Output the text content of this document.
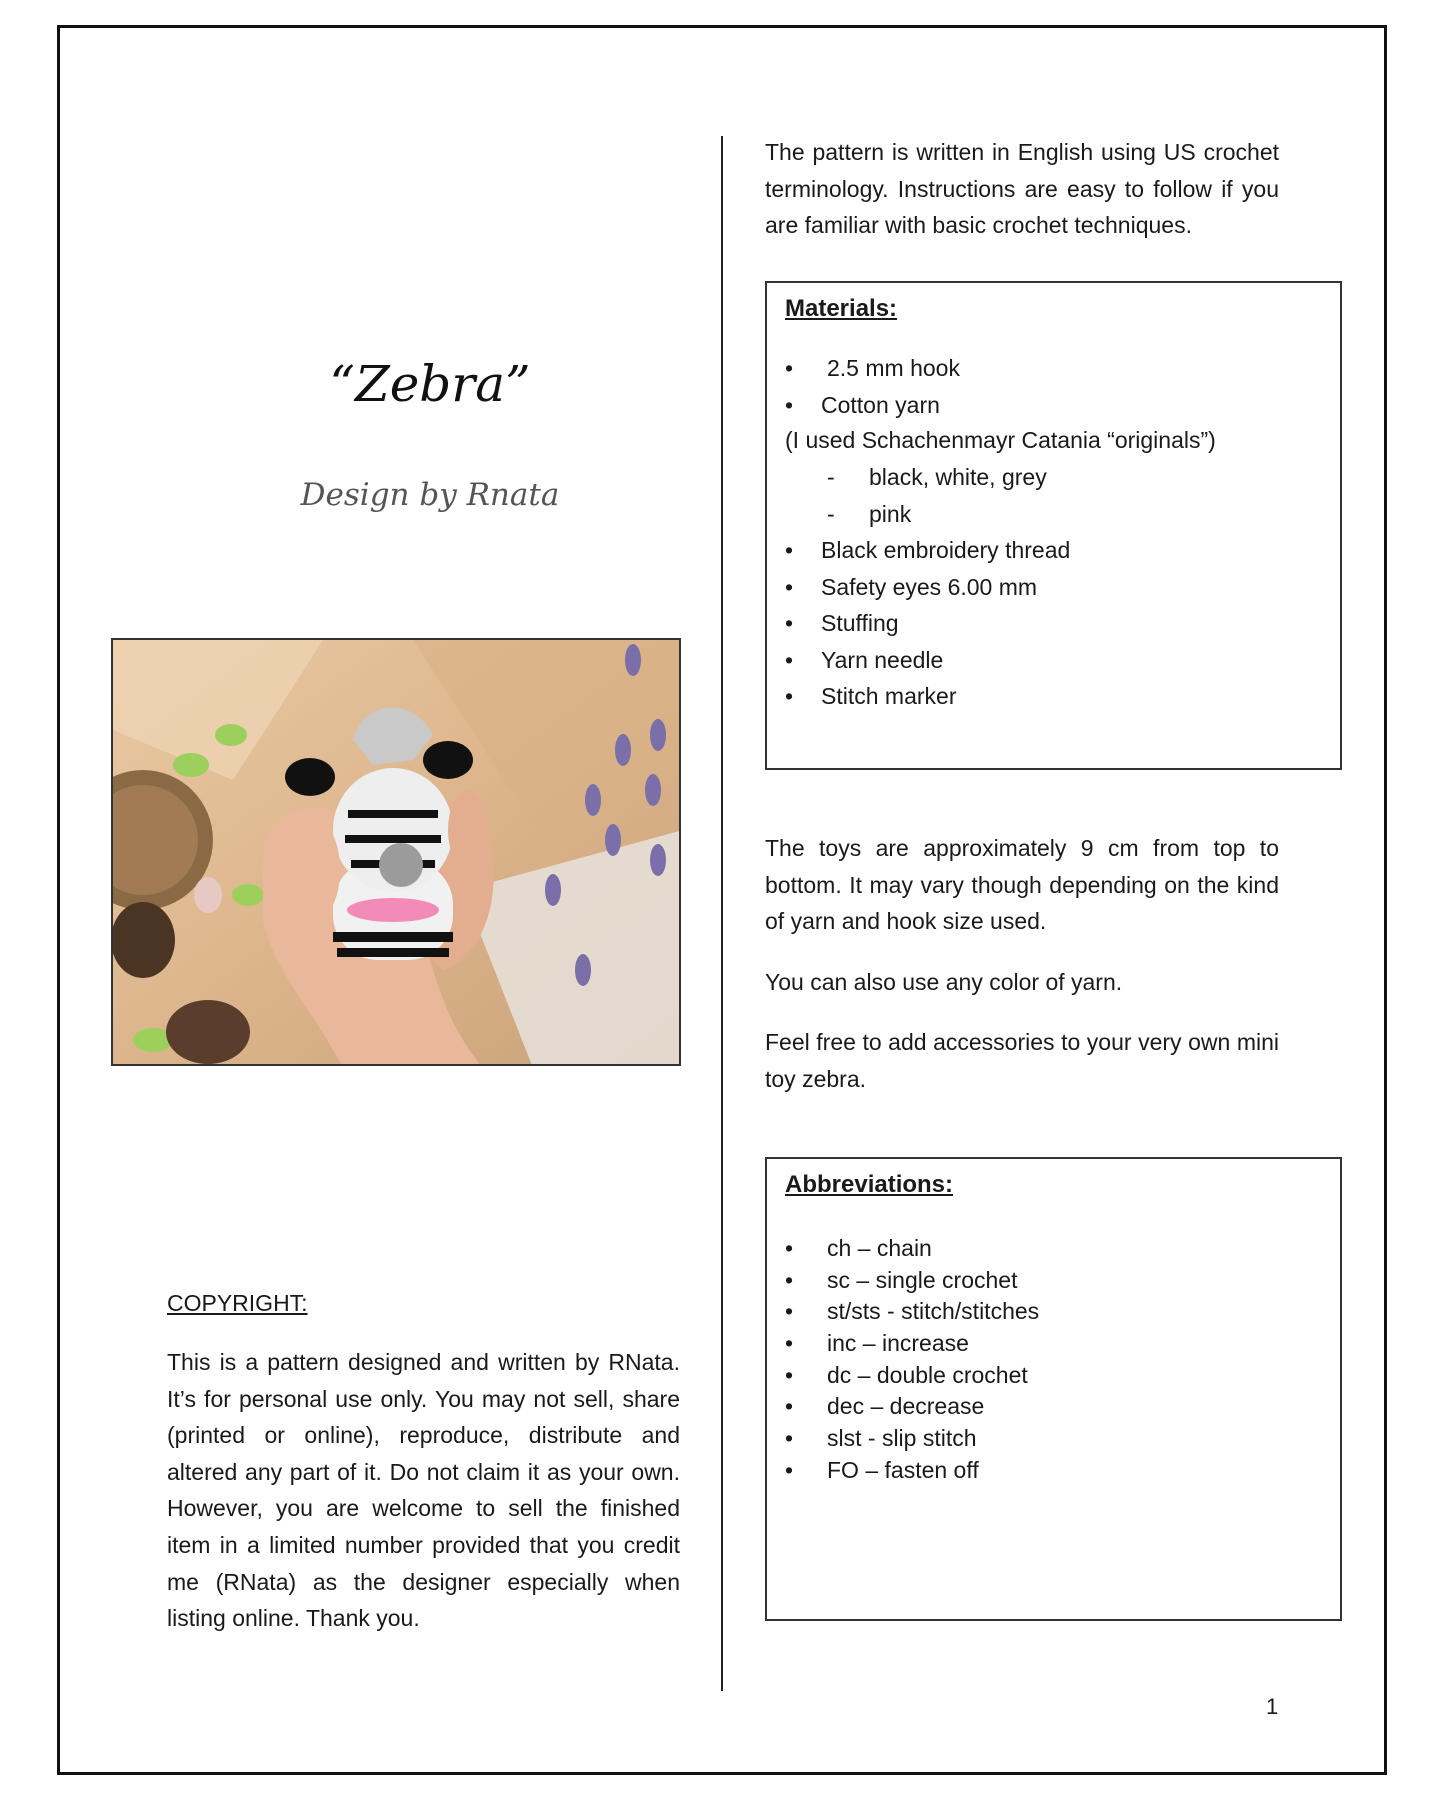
“Zebra”
Design by Rnata
COPYRIGHT:
This is a pattern designed and written by RNata. It’s for personal use only. You may not sell, share (printed or online), reproduce, distribute and altered any part of it. Do not claim it as your own. However, you are welcome to sell the finished item in a limited number provided that you credit me (RNata) as the designer especially when listing online. Thank you.
The pattern is written in English using US crochet terminology. Instructions are easy to follow if you are familiar with basic crochet techniques.
Materials:
• 2.5 mm hook
• Cotton yarn
(I used Schachenmayr Catania “originals”)
- black, white, grey
- pink
• Black embroidery thread
• Safety eyes 6.00 mm
• Stuffing
• Yarn needle
• Stitch marker
The toys are approximately 9 cm from top to bottom. It may vary though depending on the kind of yarn and hook size used.
You can also use any color of yarn.
Feel free to add accessories to your very own mini toy zebra.
Abbreviations:
• ch – chain
• sc – single crochet
• st/sts - stitch/stitches
• inc – increase
• dc – double crochet
• dec – decrease
• slst - slip stitch
• FO – fasten off
1
